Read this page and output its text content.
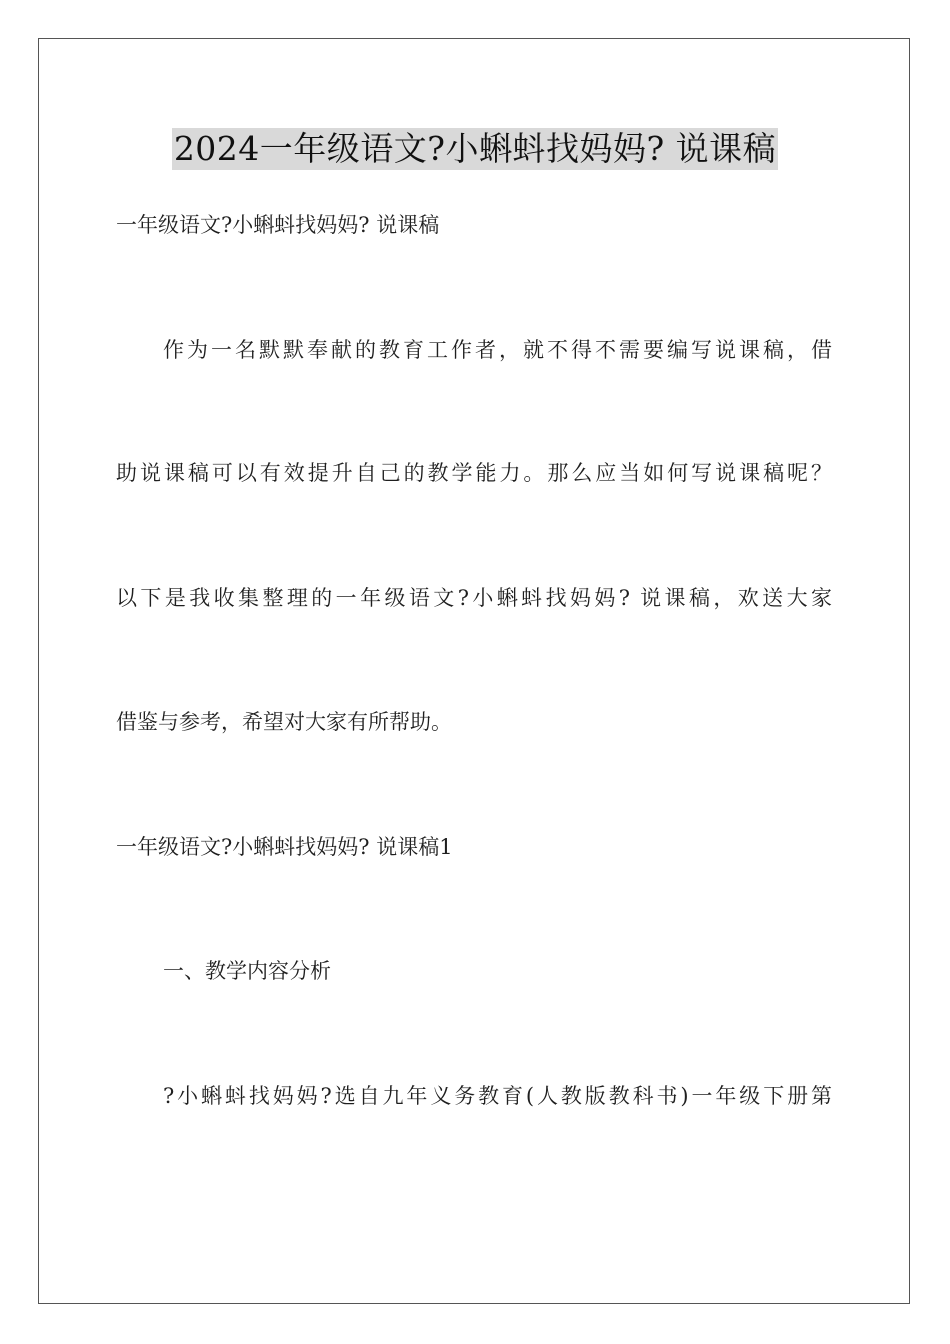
2024一年级语文?小蝌蚪找妈妈? 说课稿
一年级语文?小蝌蚪找妈妈? 说课稿
作为一名默默奉献的教育工作者，就不得不需要编写说课稿，借
助说课稿可以有效提升自己的教学能力。那么应当如何写说课稿呢？
以下是我收集整理的一年级语文?小蝌蚪找妈妈? 说课稿，欢送大家
借鉴与参考，希望对大家有所帮助。
一年级语文?小蝌蚪找妈妈? 说课稿1
一、教学内容分析
?小蝌蚪找妈妈?选自九年义务教育(人教版教科书)一年级下册第
